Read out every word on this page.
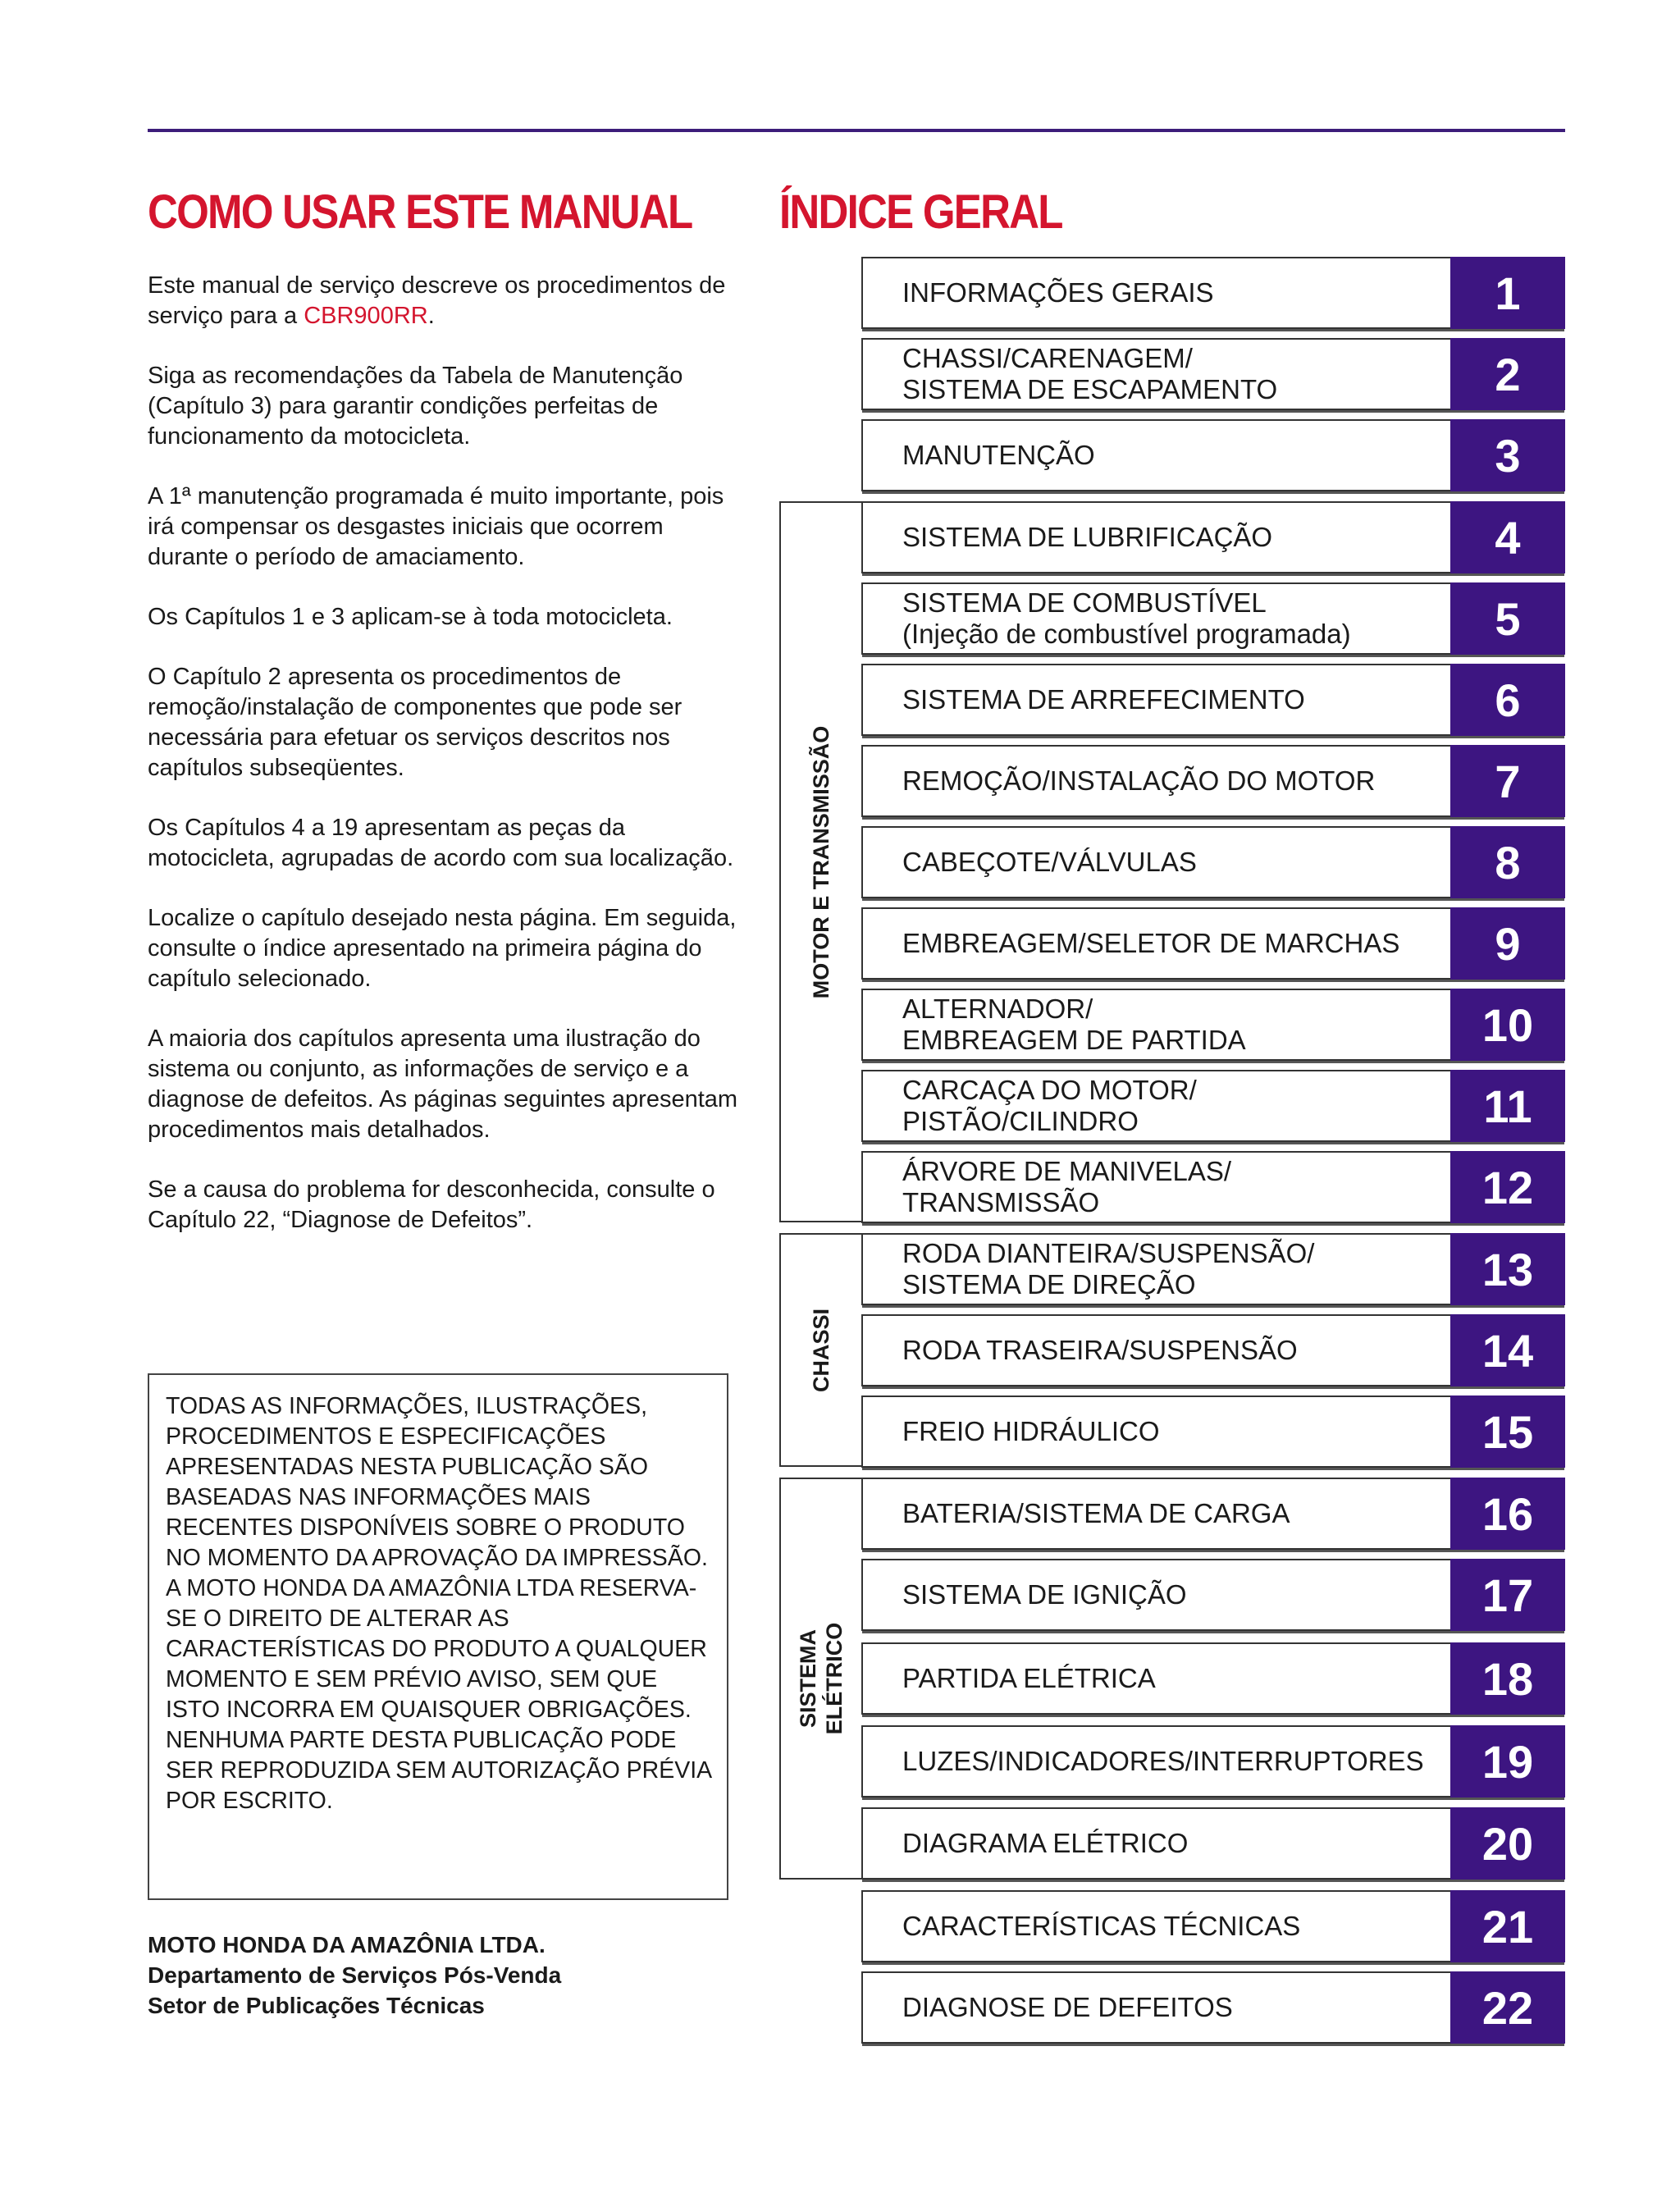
COMO USAR ESTE MANUAL ÍNDICE GERAL

Este manual de serviço descreve os procedimentos de serviço para a CBR900RR.

Siga as recomendações da Tabela de Manutenção (Capítulo 3) para garantir condições perfeitas de funcionamento da motocicleta.

A 1ª manutenção programada é muito importante, pois irá compensar os desgastes iniciais que ocorrem durante o período de amaciamento.

Os Capítulos 1 e 3 aplicam-se à toda motocicleta.

O Capítulo 2 apresenta os procedimentos de remoção/instalação de componentes que pode ser necessária para efetuar os serviços descritos nos capítulos subseqüentes.

Os Capítulos 4 a 19 apresentam as peças da motocicleta, agrupadas de acordo com sua localização.

Localize o capítulo desejado nesta página. Em seguida, consulte o índice apresentado na primeira página do capítulo selecionado.

A maioria dos capítulos apresenta uma ilustração do sistema ou conjunto, as informações de serviço e a diagnose de defeitos. As páginas seguintes apresentam procedimentos mais detalhados.

Se a causa do problema for desconhecida, consulte o Capítulo 22, “Diagnose de Defeitos”.

TODAS AS INFORMAÇÕES, ILUSTRAÇÕES, PROCEDIMENTOS E ESPECIFICAÇÕES APRESENTADAS NESTA PUBLICAÇÃO SÃO BASEADAS NAS INFORMAÇÕES MAIS RECENTES DISPONÍVEIS SOBRE O PRODUTO NO MOMENTO DA APROVAÇÃO DA IMPRESSÃO.

A MOTO HONDA DA AMAZÔNIA LTDA RESERVA-SE O DIREITO DE ALTERAR AS CARACTERÍSTICAS DO PRODUTO A QUALQUER MOMENTO E SEM PRÉVIO AVISO, SEM QUE ISTO INCORRA EM QUAISQUER OBRIGAÇÕES.

NENHUMA PARTE DESTA PUBLICAÇÃO PODE SER REPRODUZIDA SEM AUTORIZAÇÃO PRÉVIA POR ESCRITO.

MOTO HONDA DA AMAZÔNIA LTDA.
Departamento de Serviços Pós-Venda
Setor de Publicações Técnicas
MOTOR E TRANSMISSÃO
CHASSI
SISTEMA ELÉTRICO
INFORMAÇÕES GERAIS	1
CHASSI/CARENAGEM/
SISTEMA DE ESCAPAMENTO	2
MANUTENÇÃO	3
SISTEMA DE LUBRIFICAÇÃO	4
SISTEMA DE COMBUSTÍVEL
(Injeção de combustível programada)	5
SISTEMA DE ARREFECIMENTO	6
REMOÇÃO/INSTALAÇÃO DO MOTOR	7
CABEÇOTE/VÁLVULAS	8
EMBREAGEM/SELETOR DE MARCHAS	9
ALTERNADOR/
EMBREAGEM DE PARTIDA	10
CARCAÇA DO MOTOR/
PISTÃO/CILINDRO	11
ÁRVORE DE MANIVELAS/
TRANSMISSÃO	12
RODA DIANTEIRA/SUSPENSÃO/
SISTEMA DE DIREÇÃO	13
RODA TRASEIRA/SUSPENSÃO	14
FREIO HIDRÁULICO	15
BATERIA/SISTEMA DE CARGA	16
SISTEMA DE IGNIÇÃO	17
PARTIDA ELÉTRICA	18
LUZES/INDICADORES/INTERRUPTORES	19
DIAGRAMA ELÉTRICO	20
CARACTERÍSTICAS TÉCNICAS	21
DIAGNOSE DE DEFEITOS	22
